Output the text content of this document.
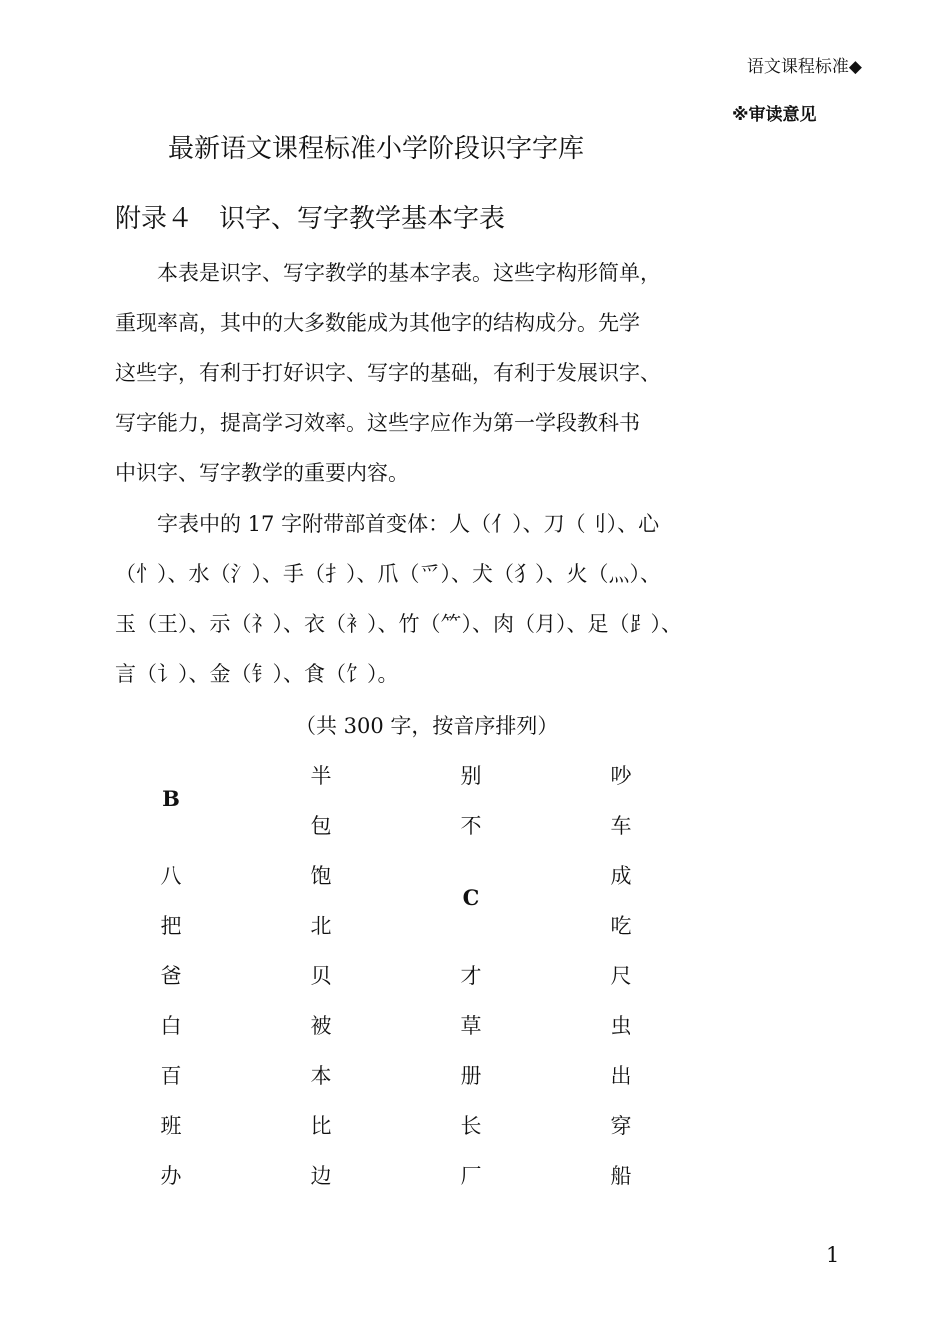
语文课程标准◆
※审读意见
最新语文课程标准小学阶段识字字库
附录４　识字、写字教学基本字表
本表是识字、写字教学的基本字表。这些字构形简单，
重现率高，其中的大多数能成为其他字的结构成分。先学
这些字，有利于打好识字、写字的基础，有利于发展识字、
写字能力，提高学习效率。这些字应作为第一学段教科书
中识字、写字教学的重要内容。
字表中的 17 字附带部首变体：人（亻）、刀（刂）、心
（忄）、水（氵）、手（扌）、爪（爫）、犬（犭）、火（灬）、
玉（王）、示（礻）、衣（衤）、竹（⺮）、肉（月）、足（⻊）、
言（讠）、金（钅）、食（饣）。
（共 300 字，按音序排列）
B
八
把
爸
白
百
班
办
半
包
饱
北
贝
被
本
比
边
别
不
C
才
草
册
长
厂
吵
车
成
吃
尺
虫
出
穿
船
1
